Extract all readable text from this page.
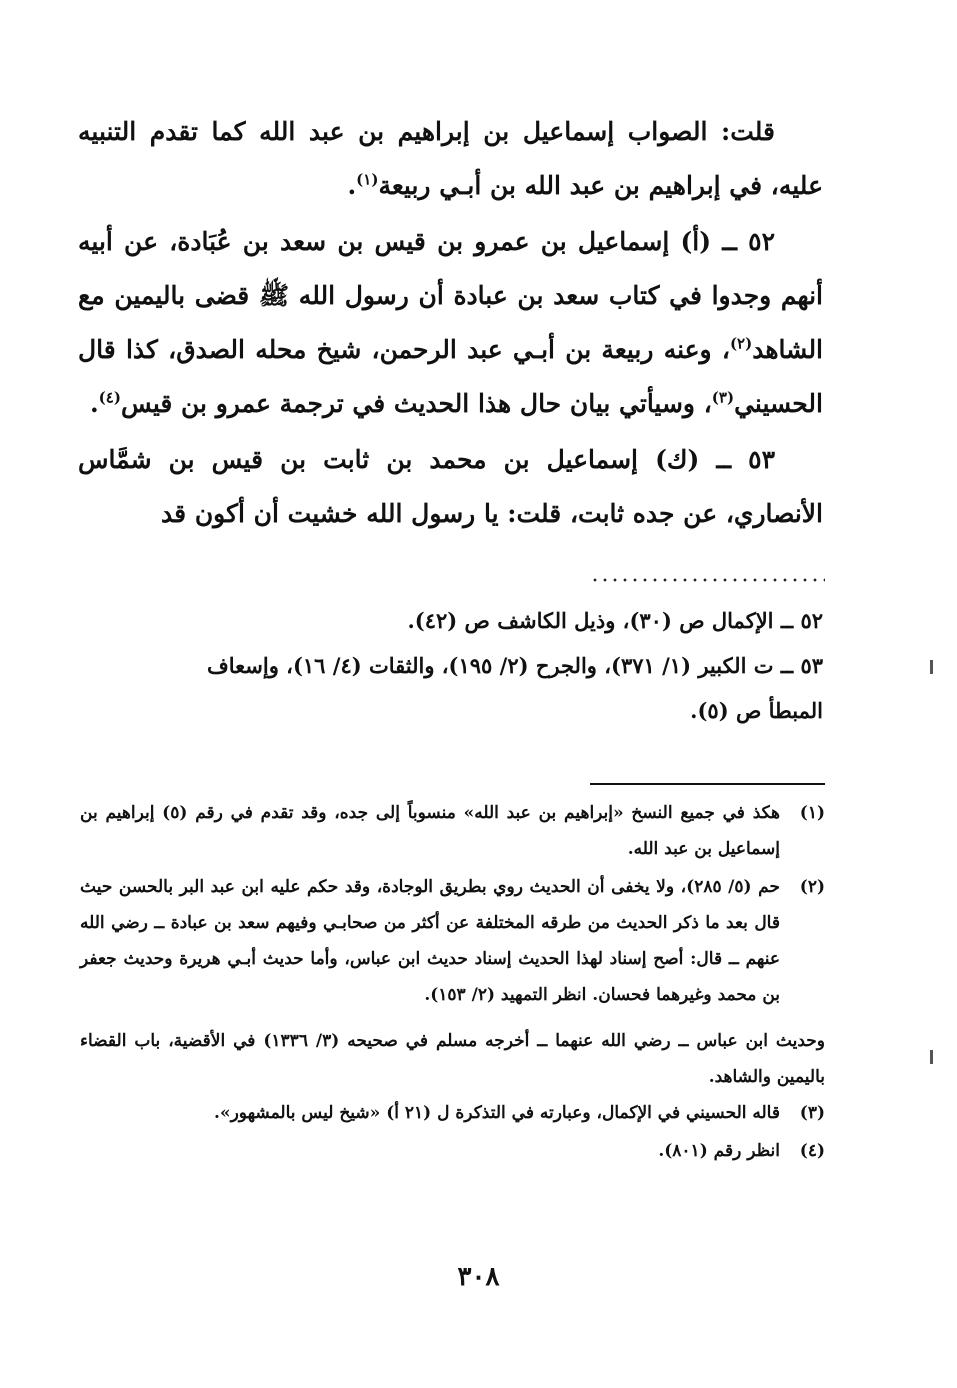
قلت: الصواب إسماعيل بن إبراهيم بن عبد الله كما تقدم التنبيه عليه، في إبراهيم بن عبد الله بن أبـي ربيعة$^{(١)}$.

٥٢ ــ (أ) إسماعيل بن عمرو بن قيس بن سعد بن عُبَادة، عن أبيه أنهم وجدوا في كتاب سعد بن عبادة أن رسول الله ﷺ قضى باليمين مع الشاهد$^{(٢)}$، وعنه ربيعة بن أبـي عبد الرحمن، شيخ محله الصدق، كذا قال الحسيني$^{(٣)}$، وسيأتي بيان حال هذا الحديث في ترجمة عمرو بن قيس$^{(٤)}$.

٥٣ ــ (ك) إسماعيل بن محمد بن ثابت بن قيس بن شمَّاس الأنصاري، عن جده ثابت، قلت: يا رسول الله خشيت أن أكون قد

٥٢ ــ الإكمال ص (٣٠)، وذيل الكاشف ص (٤٢).

٥٣ ــ ت الكبير (١/ ٣٧١)، والجرح (٢/ ١٩٥)، والثقات (٤/ ١٦)، وإسعاف

المبطأ ص (٥).

(١)
هكذ في جميع النسخ «إبراهيم بن عبد الله» منسوباً إلى جده، وقد تقدم في رقم (٥) إبراهيم بن إسماعيل بن عبد الله.
(٢)
حم (٥/ ٢٨٥)، ولا يخفى أن الحديث روي بطريق الوجادة، وقد حكم عليه ابن عبد البر بالحسن حيث قال بعد ما ذكر الحديث من طرقه المختلفة عن أكثر من صحابـي وفيهم سعد بن عبادة ــ رضي الله عنهم ــ قال: أصح إسناد لهذا الحديث إسناد حديث ابن عباس، وأما حديث أبـي هريرة وحديث جعفر بن محمد وغيرهما فحسان. انظر التمهيد (٢/ ١٥٣).
وحديث ابن عباس ــ رضي الله عنهما ــ أخرجه مسلم في صحيحه (٣/ ١٣٣٦) في الأقضية، باب القضاء باليمين والشاهد.
(٣)
قاله الحسيني في الإكمال، وعبارته في التذكرة ل (٢١ أ) «شيخ ليس بالمشهور».
(٤)
انظر رقم (٨٠١).
٣٠٨
